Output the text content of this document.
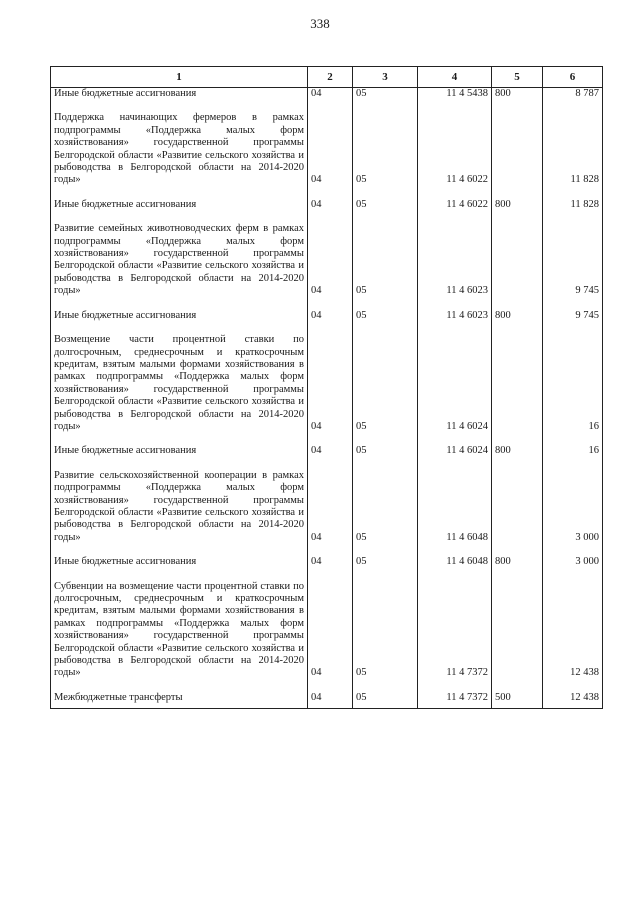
338
1	2	3	4	5	6
Иные бюджетные ассигнования	04	05	11 4 5438	800	8 787

Поддержка начинающих фермеров в рамках подпрограммы «Поддержка малых форм хозяйствования» государственной программы Белгородской области «Развитие сельского хозяйства и рыбоводства в Белгородской области на 2014-2020 годы»	04	05	11 4 6022		11 828

Иные бюджетные ассигнования	04	05	11 4 6022	800	11 828

Развитие семейных животноводческих ферм в рамках подпрограммы «Поддержка малых форм хозяйствования» государственной программы Белгородской области «Развитие сельского хозяйства и рыбоводства в Белгородской области на 2014-2020 годы»	04	05	11 4 6023		9 745

Иные бюджетные ассигнования	04	05	11 4 6023	800	9 745

Возмещение части процентной ставки по долгосрочным, среднесрочным и краткосрочным кредитам, взятым малыми формами хозяйствования в рамках подпрограммы «Поддержка малых форм хозяйствования» государственной программы Белгородской области «Развитие сельского хозяйства и рыбоводства в Белгородской области на 2014-2020 годы»	04	05	11 4 6024		16

Иные бюджетные ассигнования	04	05	11 4 6024	800	16

Развитие сельскохозяйственной кооперации в рамках подпрограммы «Поддержка малых форм хозяйствования» государственной программы Белгородской области «Развитие сельского хозяйства и рыбоводства в Белгородской области на 2014-2020 годы»	04	05	11 4 6048		3 000

Иные бюджетные ассигнования	04	05	11 4 6048	800	3 000

Субвенции на возмещение части процентной ставки по долгосрочным, среднесрочным и краткосрочным кредитам, взятым малыми формами хозяйствования в рамках подпрограммы «Поддержка малых форм хозяйствования» государственной программы Белгородской области «Развитие сельского хозяйства и рыбоводства в Белгородской области на 2014-2020 годы»	04	05	11 4 7372		12 438

Межбюджетные трансферты	04	05	11 4 7372	500	12 438
